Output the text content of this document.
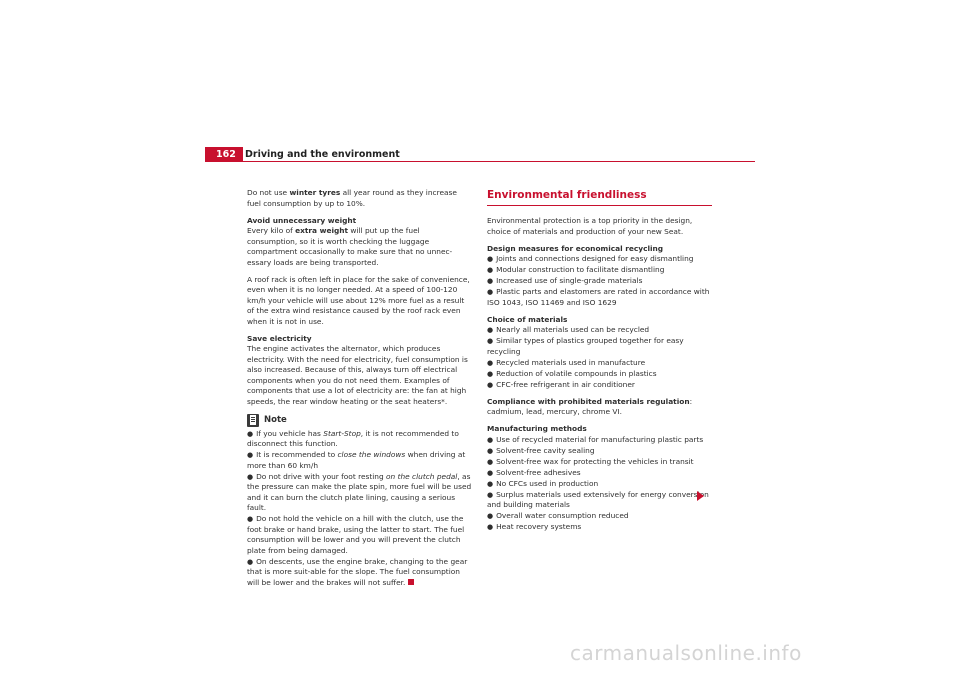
162 Driving and the environment

Do not use winter tyres all year round as they increase fuel consumption by up to 10%.

Avoid unnecessary weight

Every kilo of extra weight will put up the fuel consumption, so it is worth checking the luggage compartment occasionally to make sure that no unnec-essary loads are being transported.

A roof rack is often left in place for the sake of convenience, even when it is no longer needed. At a speed of 100-120 km/h your vehicle will use about 12% more fuel as a result of the extra wind resistance caused by the roof rack even when it is not in use.

Save electricity

The engine activates the alternator, which produces electricity. With the need for electricity, fuel consumption is also increased. Because of this, always turn off electrical components when you do not need them. Examples of components that use a lot of electricity are: the fan at high speeds, the rear window heating or the seat heaters*.

Note
● If you vehicle has Start-Stop, it is not recommended to disconnect this function.
● It is recommended to close the windows when driving at more than 60 km/h
● Do not drive with your foot resting on the clutch pedal, as the pressure can make the plate spin, more fuel will be used and it can burn the clutch plate lining, causing a serious fault.
● Do not hold the vehicle on a hill with the clutch, use the foot brake or hand brake, using the latter to start. The fuel consumption will be lower and you will prevent the clutch plate from being damaged.
● On descents, use the engine brake, changing to the gear that is more suit-able for the slope. The fuel consumption will be lower and the brakes will not suffer.
Environmental friendliness

Environmental protection is a top priority in the design, choice of materials and production of your new Seat.

Design measures for economical recycling
● Joints and connections designed for easy dismantling
● Modular construction to facilitate dismantling
● Increased use of single-grade materials
● Plastic parts and elastomers are rated in accordance with ISO 1043, ISO 11469 and ISO 1629
Choice of materials
● Nearly all materials used can be recycled
● Similar types of plastics grouped together for easy recycling
● Recycled materials used in manufacture
● Reduction of volatile compounds in plastics
● CFC-free refrigerant in air conditioner

Compliance with prohibited materials regulation: cadmium, lead, mercury, chrome VI.

Manufacturing methods
● Use of recycled material for manufacturing plastic parts
● Solvent-free cavity sealing
● Solvent-free wax for protecting the vehicles in transit
● Solvent-free adhesives
● No CFCs used in production
● Surplus materials used extensively for energy conversion and building materials
● Overall water consumption reduced
● Heat recovery systems
carmanualsonline.info
